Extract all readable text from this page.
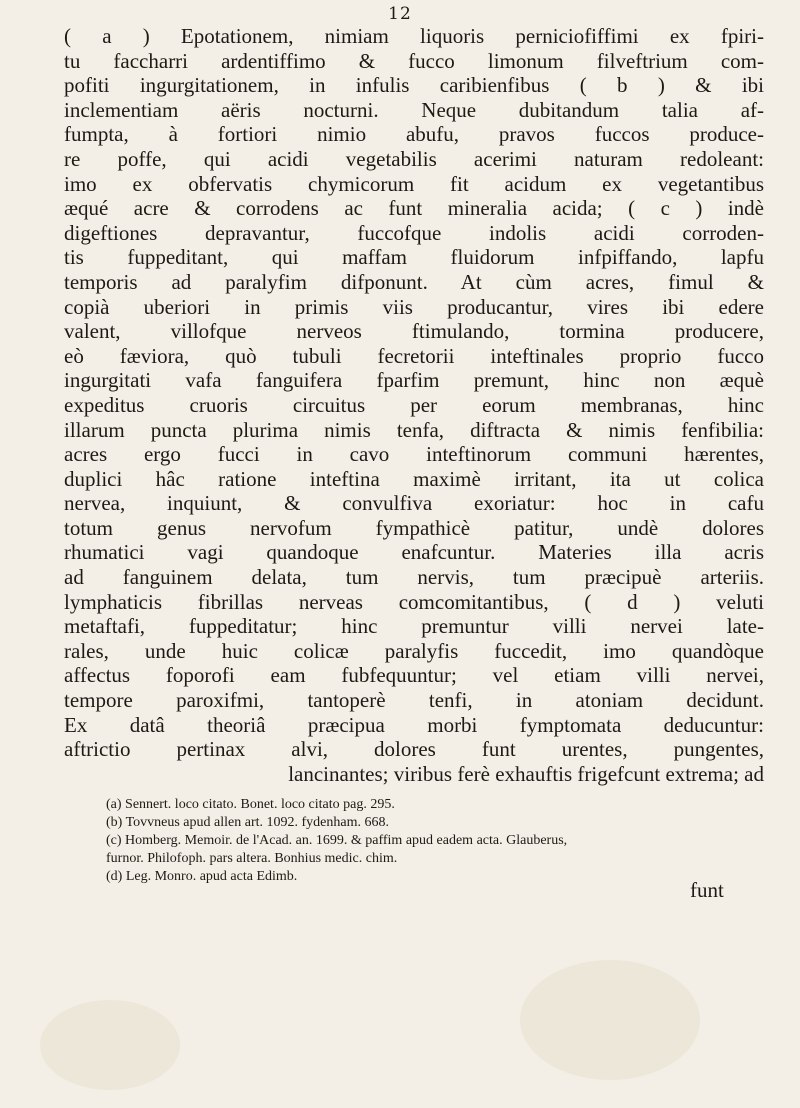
12
( a ) Epotationem, nimiam liquoris perniciofiffimi ex fpiri-
tu faccharri ardentiffimo & fucco limonum filveftrium com-
pofiti ingurgitationem, in infulis caribienfibus ( b ) & ibi
inclementiam aëris nocturni. Neque dubitandum talia af-
fumpta, à fortiori nimio abufu, pravos fuccos produce-
re poffe, qui acidi vegetabilis acerimi naturam redoleant:
imo ex obfervatis chymicorum fit acidum ex vegetantibus
æqué acre & corrodens ac funt mineralia acida; ( c ) indè
digeftiones depravantur, fuccofque indolis acidi corroden-
tis fuppeditant, qui maffam fluidorum infpiffando, lapfu
temporis ad paralyfim difponunt. At cùm acres, fimul &
copià uberiori in primis viis producantur, vires ibi edere
valent, villofque nerveos ftimulando, tormina producere,
eò fæviora, quò tubuli fecretorii inteftinales proprio fucco
ingurgitati vafa fanguifera fparfim premunt, hinc non æquè
expeditus cruoris circuitus per eorum membranas, hinc
illarum puncta plurima nimis tenfa, diftracta & nimis fenfibilia:
acres ergo fucci in cavo inteftinorum communi hærentes,
duplici hâc ratione inteftina maximè irritant, ita ut colica
nervea, inquiunt, & convulfiva exoriatur: hoc in cafu
totum genus nervofum fympathicè patitur, undè dolores
rhumatici vagi quandoque enafcuntur. Materies illa acris
ad fanguinem delata, tum nervis, tum præcipuè arteriis.
lymphaticis fibrillas nerveas comcomitantibus, ( d ) veluti
metaftafi, fuppeditatur; hinc premuntur villi nervei late-
rales, unde huic colicæ paralyfis fuccedit, imo quandòque
affectus foporofi eam fubfequuntur; vel etiam villi nervei,
tempore paroxifmi, tantoperè tenfi, in atoniam decidunt.
Ex datâ theoriâ præcipua morbi fymptomata deducuntur:
aftrictio pertinax alvi, dolores funt urentes, pungentes,
lancinantes; viribus ferè exhauftis frigefcunt extrema; ad
(a) Sennert. loco citato. Bonet. loco citato pag. 295.
(b) Tovvneus apud allen art. 1092. fydenham. 668.
(c) Homberg. Memoir. de l'Acad. an. 1699. & paffim apud eadem acta. Glauberus,
furnor. Philofoph. pars altera. Bonhius medic. chim.
(d) Leg. Monro. apud acta Edimb.
funt
